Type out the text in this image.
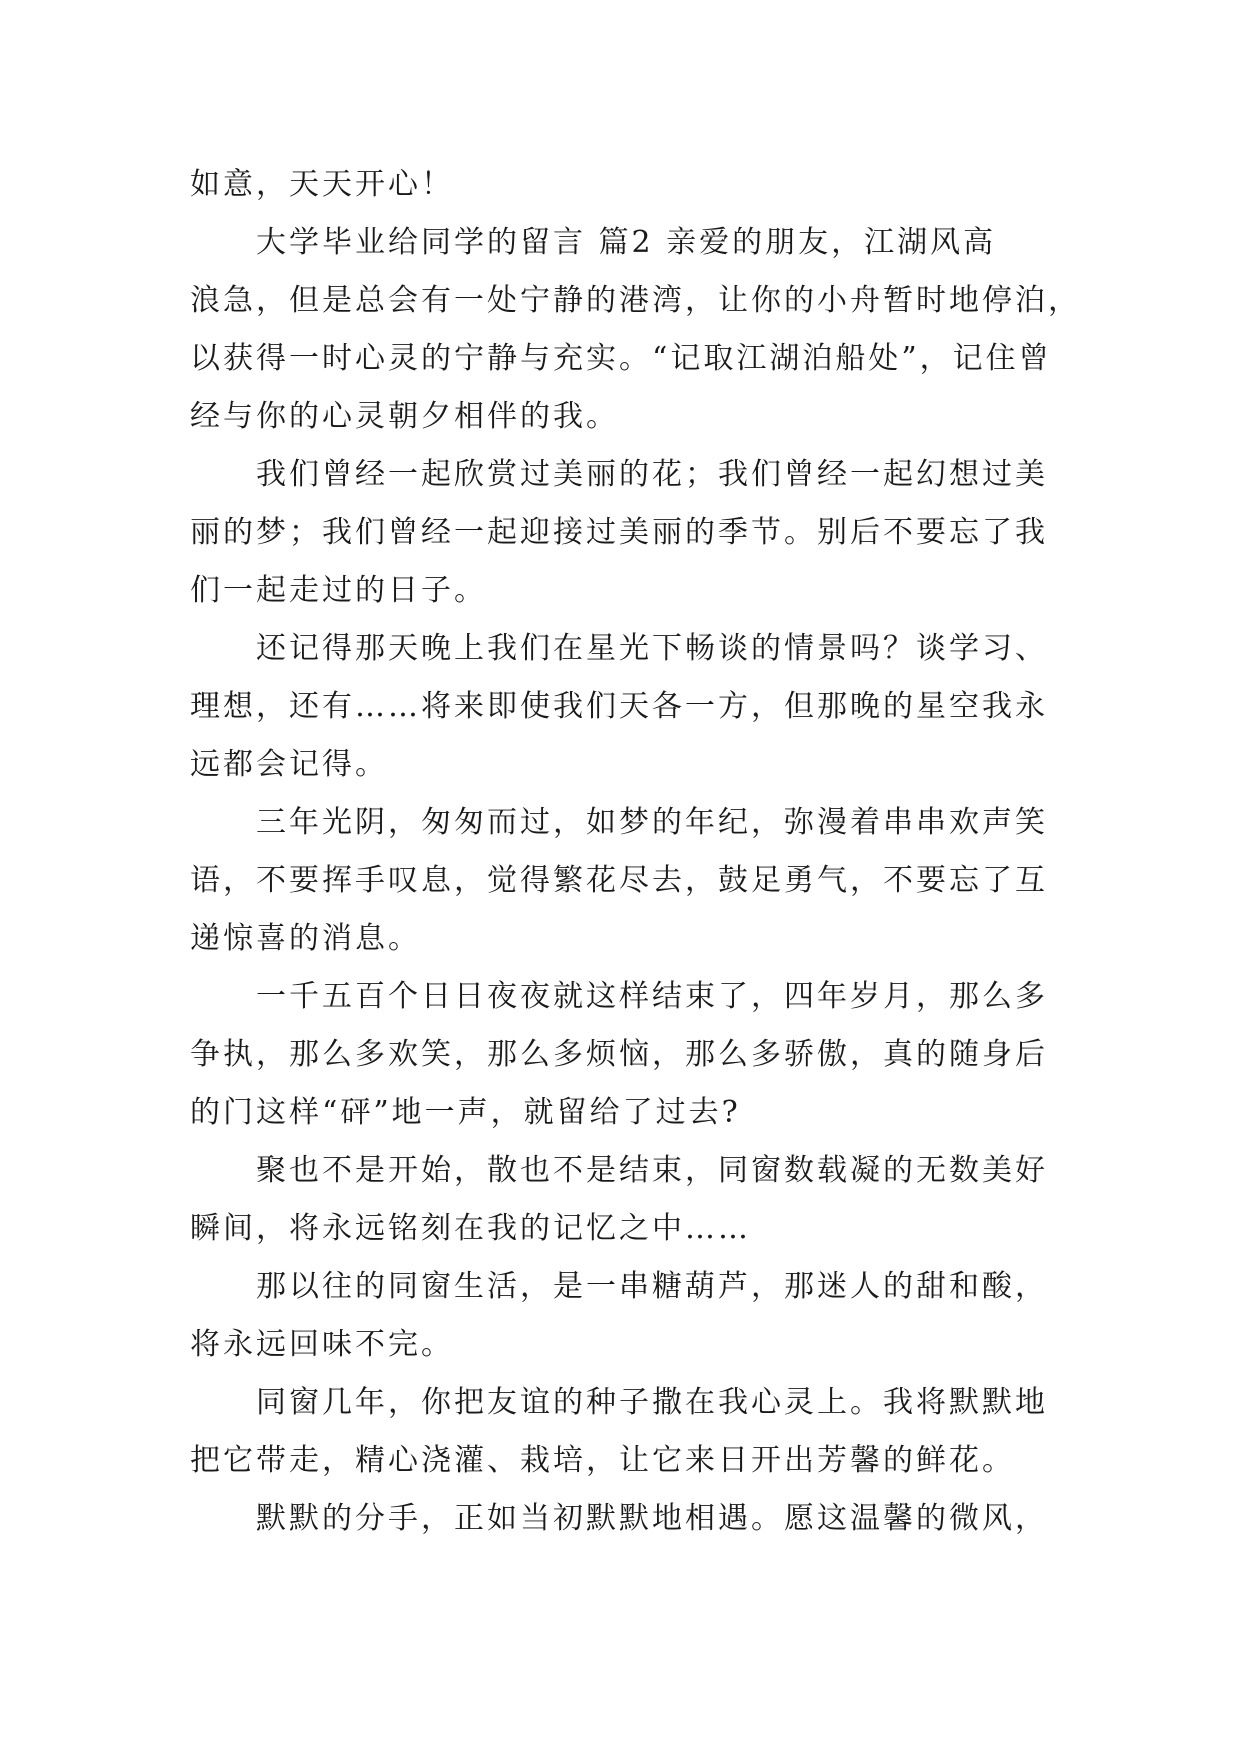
如意，天天开心！
大学毕业给同学的留言 篇2 亲爱的朋友，江湖风高
浪急，但是总会有一处宁静的港湾，让你的小舟暂时地停泊，
以获得一时心灵的宁静与充实。“记取江湖泊船处”，记住曾
经与你的心灵朝夕相伴的我。
我们曾经一起欣赏过美丽的花；我们曾经一起幻想过美
丽的梦；我们曾经一起迎接过美丽的季节。别后不要忘了我
们一起走过的日子。
还记得那天晚上我们在星光下畅谈的情景吗？谈学习、
理想，还有……将来即使我们天各一方，但那晚的星空我永
远都会记得。
三年光阴，匆匆而过，如梦的年纪，弥漫着串串欢声笑
语，不要挥手叹息，觉得繁花尽去，鼓足勇气，不要忘了互
递惊喜的消息。
一千五百个日日夜夜就这样结束了，四年岁月，那么多
争执，那么多欢笑，那么多烦恼，那么多骄傲，真的随身后
的门这样“砰”地一声，就留给了过去?
聚也不是开始，散也不是结束，同窗数载凝的无数美好
瞬间，将永远铭刻在我的记忆之中……
那以往的同窗生活，是一串糖葫芦，那迷人的甜和酸，
将永远回味不完。
同窗几年，你把友谊的种子撒在我心灵上。我将默默地
把它带走，精心浇灌、栽培，让它来日开出芳馨的鲜花。
默默的分手，正如当初默默地相遇。愿这温馨的微风，
